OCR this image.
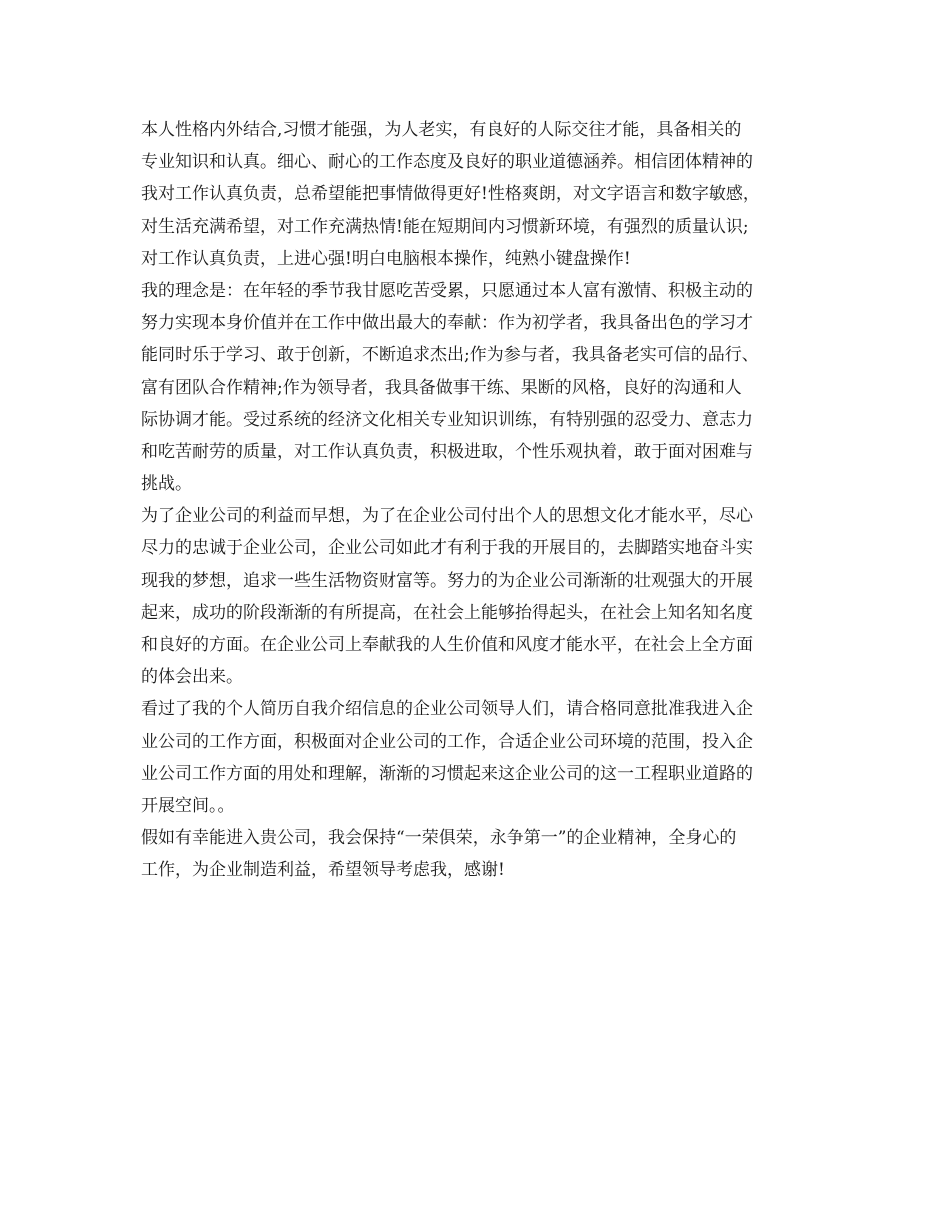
本人性格内外结合,习惯才能强，为人老实，有良好的人际交往才能，具备相关的
专业知识和认真。细心、耐心的工作态度及良好的职业道德涵养。相信团体精神的
我对工作认真负责，总希望能把事情做得更好!性格爽朗，对文字语言和数字敏感，
对生活充满希望，对工作充满热情!能在短期间内习惯新环境，有强烈的质量认识;
对工作认真负责，上进心强!明白电脑根本操作，纯熟小键盘操作!
我的理念是：在年轻的季节我甘愿吃苦受累，只愿通过本人富有激情、积极主动的
努力实现本身价值并在工作中做出最大的奉献：作为初学者，我具备出色的学习才
能同时乐于学习、敢于创新，不断追求杰出;作为参与者，我具备老实可信的品行、
富有团队合作精神;作为领导者，我具备做事干练、果断的风格，良好的沟通和人
际协调才能。受过系统的经济文化相关专业知识训练，有特别强的忍受力、意志力
和吃苦耐劳的质量，对工作认真负责，积极进取，个性乐观执着，敢于面对困难与
挑战。
为了企业公司的利益而早想，为了在企业公司付出个人的思想文化才能水平，尽心
尽力的忠诚于企业公司，企业公司如此才有利于我的开展目的，去脚踏实地奋斗实
现我的梦想，追求一些生活物资财富等。努力的为企业公司渐渐的壮观强大的开展
起来，成功的阶段渐渐的有所提高，在社会上能够抬得起头，在社会上知名知名度
和良好的方面。在企业公司上奉献我的人生价值和风度才能水平，在社会上全方面
的体会出来。
看过了我的个人简历自我介绍信息的企业公司领导人们，请合格同意批准我进入企
业公司的工作方面，积极面对企业公司的工作，合适企业公司环境的范围，投入企
业公司工作方面的用处和理解，渐渐的习惯起来这企业公司的这一工程职业道路的
开展空间。。
假如有幸能进入贵公司，我会保持“一荣俱荣，永争第一”的企业精神，全身心的
工作，为企业制造利益，希望领导考虑我，感谢!
